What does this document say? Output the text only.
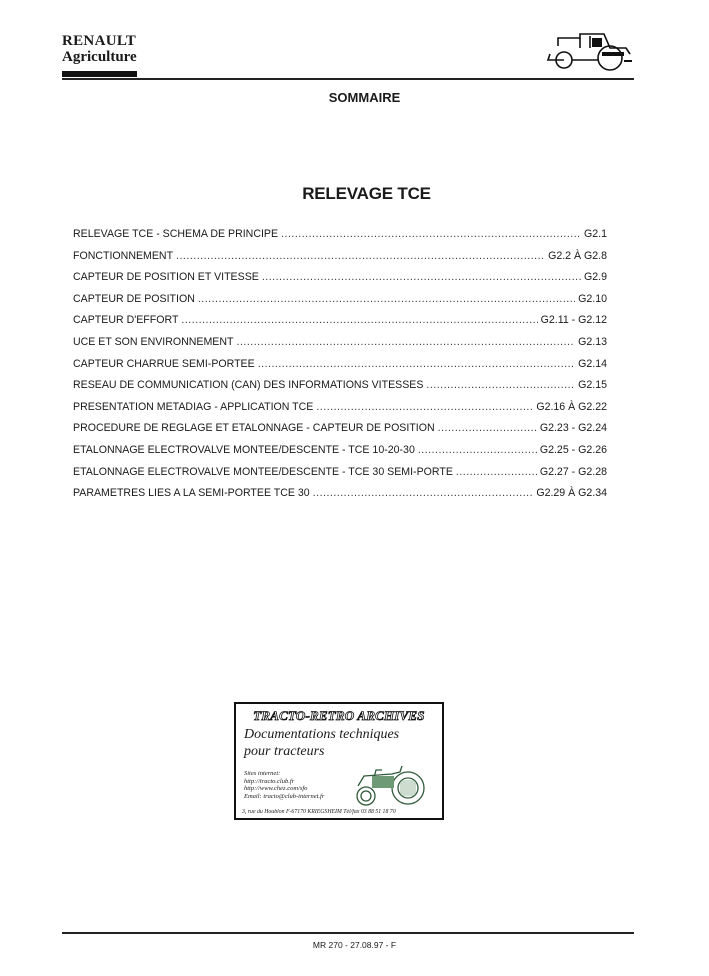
RENAULT
Agriculture
SOMMAIRE
RELEVAGE TCE
RELEVAGE TCE - SCHEMA DE PRINCIPE .....	G2.1
FONCTIONNEMENT .....	G2.2 À G2.8
CAPTEUR DE POSITION ET VITESSE .....	G2.9
CAPTEUR DE POSITION .....	G2.10
CAPTEUR D'EFFORT .....	G2.11 - G2.12
UCE ET SON ENVIRONNEMENT .....	G2.13
CAPTEUR CHARRUE SEMI-PORTEE .....	G2.14
RESEAU DE COMMUNICATION (CAN) DES INFORMATIONS VITESSES .....	G2.15
PRESENTATION METADIAG - APPLICATION TCE .....	G2.16 À G2.22
PROCEDURE DE REGLAGE ET ETALONNAGE - CAPTEUR DE POSITION .....	G2.23 - G2.24
ETALONNAGE ELECTROVALVE MONTEE/DESCENTE - TCE 10-20-30 .....	G2.25 - G2.26
ETALONNAGE ELECTROVALVE MONTEE/DESCENTE - TCE 30 SEMI-PORTE .....	G2.27 - G2.28
PARAMETRES LIES A LA SEMI-PORTEE TCE 30 .....	G2.29 À G2.34
TRACTO-RETRO ARCHIVES
Documentations techniques
pour tracteurs
Sites internet:
http://tracto.club.fr
http://www.chez.com/sfo
Email: tracto@club-internet.fr
3, rue du Houblon F-67170 KRIEGSHEIM Tél/fax 03 88 51 18 70
MR 270 - 27.08.97 - F
